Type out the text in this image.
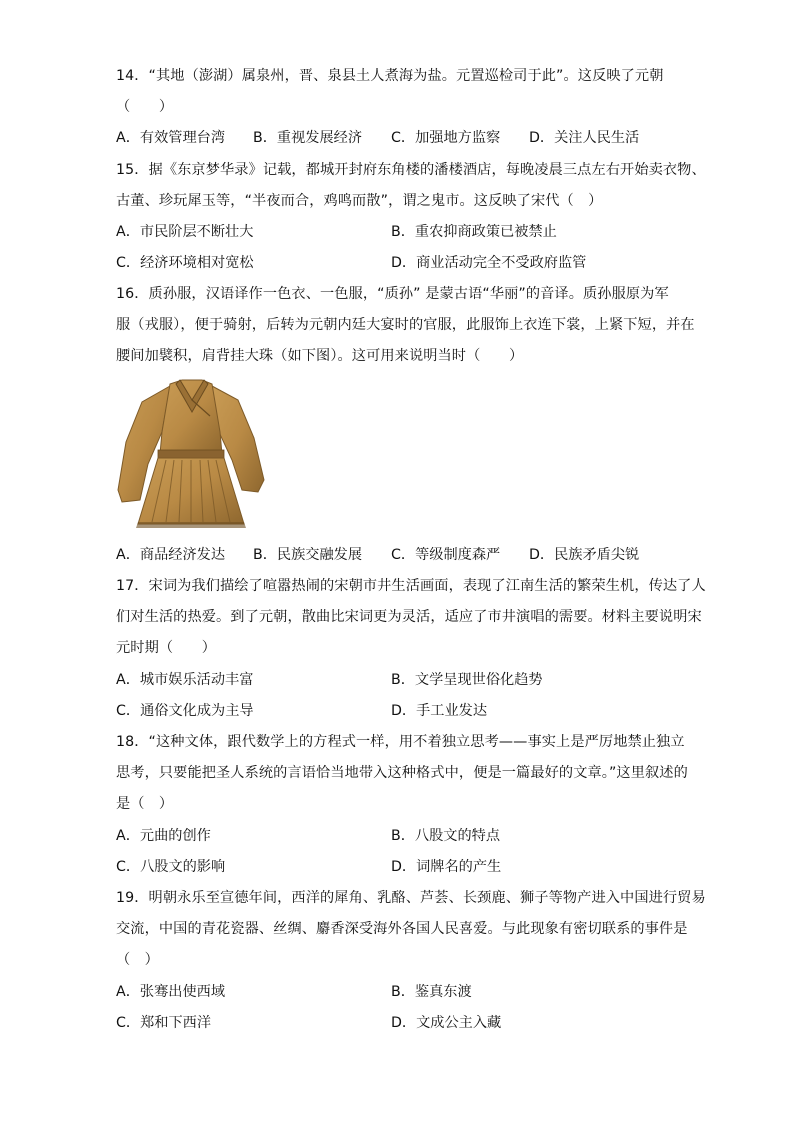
14．“其地（澎湖）属泉州，晋、泉县土人煮海为盐。元置巡检司于此”。这反映了元朝
（　　）
A．有效管理台湾 B．重视发展经济 C．加强地方监察 D．关注人民生活
15．据《东京梦华录》记载，都城开封府东角楼的潘楼酒店，每晚凌晨三点左右开始卖衣物、
古董、珍玩犀玉等，“半夜而合，鸡鸣而散”，谓之鬼市。这反映了宋代（　）
A．市民阶层不断壮大	B．重农抑商政策已被禁止
C．经济环境相对宽松	D．商业活动完全不受政府监管
16．质孙服，汉语译作一色衣、一色服，“质孙” 是蒙古语“华丽”的音译。质孙服原为军
服（戎服），便于骑射，后转为元朝内廷大宴时的官服，此服饰上衣连下裳，上紧下短，并在
腰间加襞积，肩背挂大珠（如下图）。这可用来说明当时（　　）
A．商品经济发达 B．民族交融发展 C．等级制度森严 D．民族矛盾尖锐
17．宋词为我们描绘了喧嚣热闹的宋朝市井生活画面，表现了江南生活的繁荣生机，传达了人
们对生活的热爱。到了元朝，散曲比宋词更为灵活，适应了市井演唱的需要。材料主要说明宋
元时期（　　）
A．城市娱乐活动丰富	B．文学呈现世俗化趋势
C．通俗文化成为主导	D．手工业发达
18．“这种文体，跟代数学上的方程式一样，用不着独立思考——事实上是严厉地禁止独立
思考，只要能把圣人系统的言语恰当地带入这种格式中，便是一篇最好的文章。”这里叙述的
是（　）
A．元曲的创作	B．八股文的特点
C．八股文的影响	D．词牌名的产生
19．明朝永乐至宣德年间，西洋的犀角、乳酪、芦荟、长颈鹿、狮子等物产进入中国进行贸易
交流，中国的青花瓷器、丝绸、麝香深受海外各国人民喜爱。与此现象有密切联系的事件是
（　）
A．张骞出使西域	B．鉴真东渡
C．郑和下西洋	D．文成公主入藏
